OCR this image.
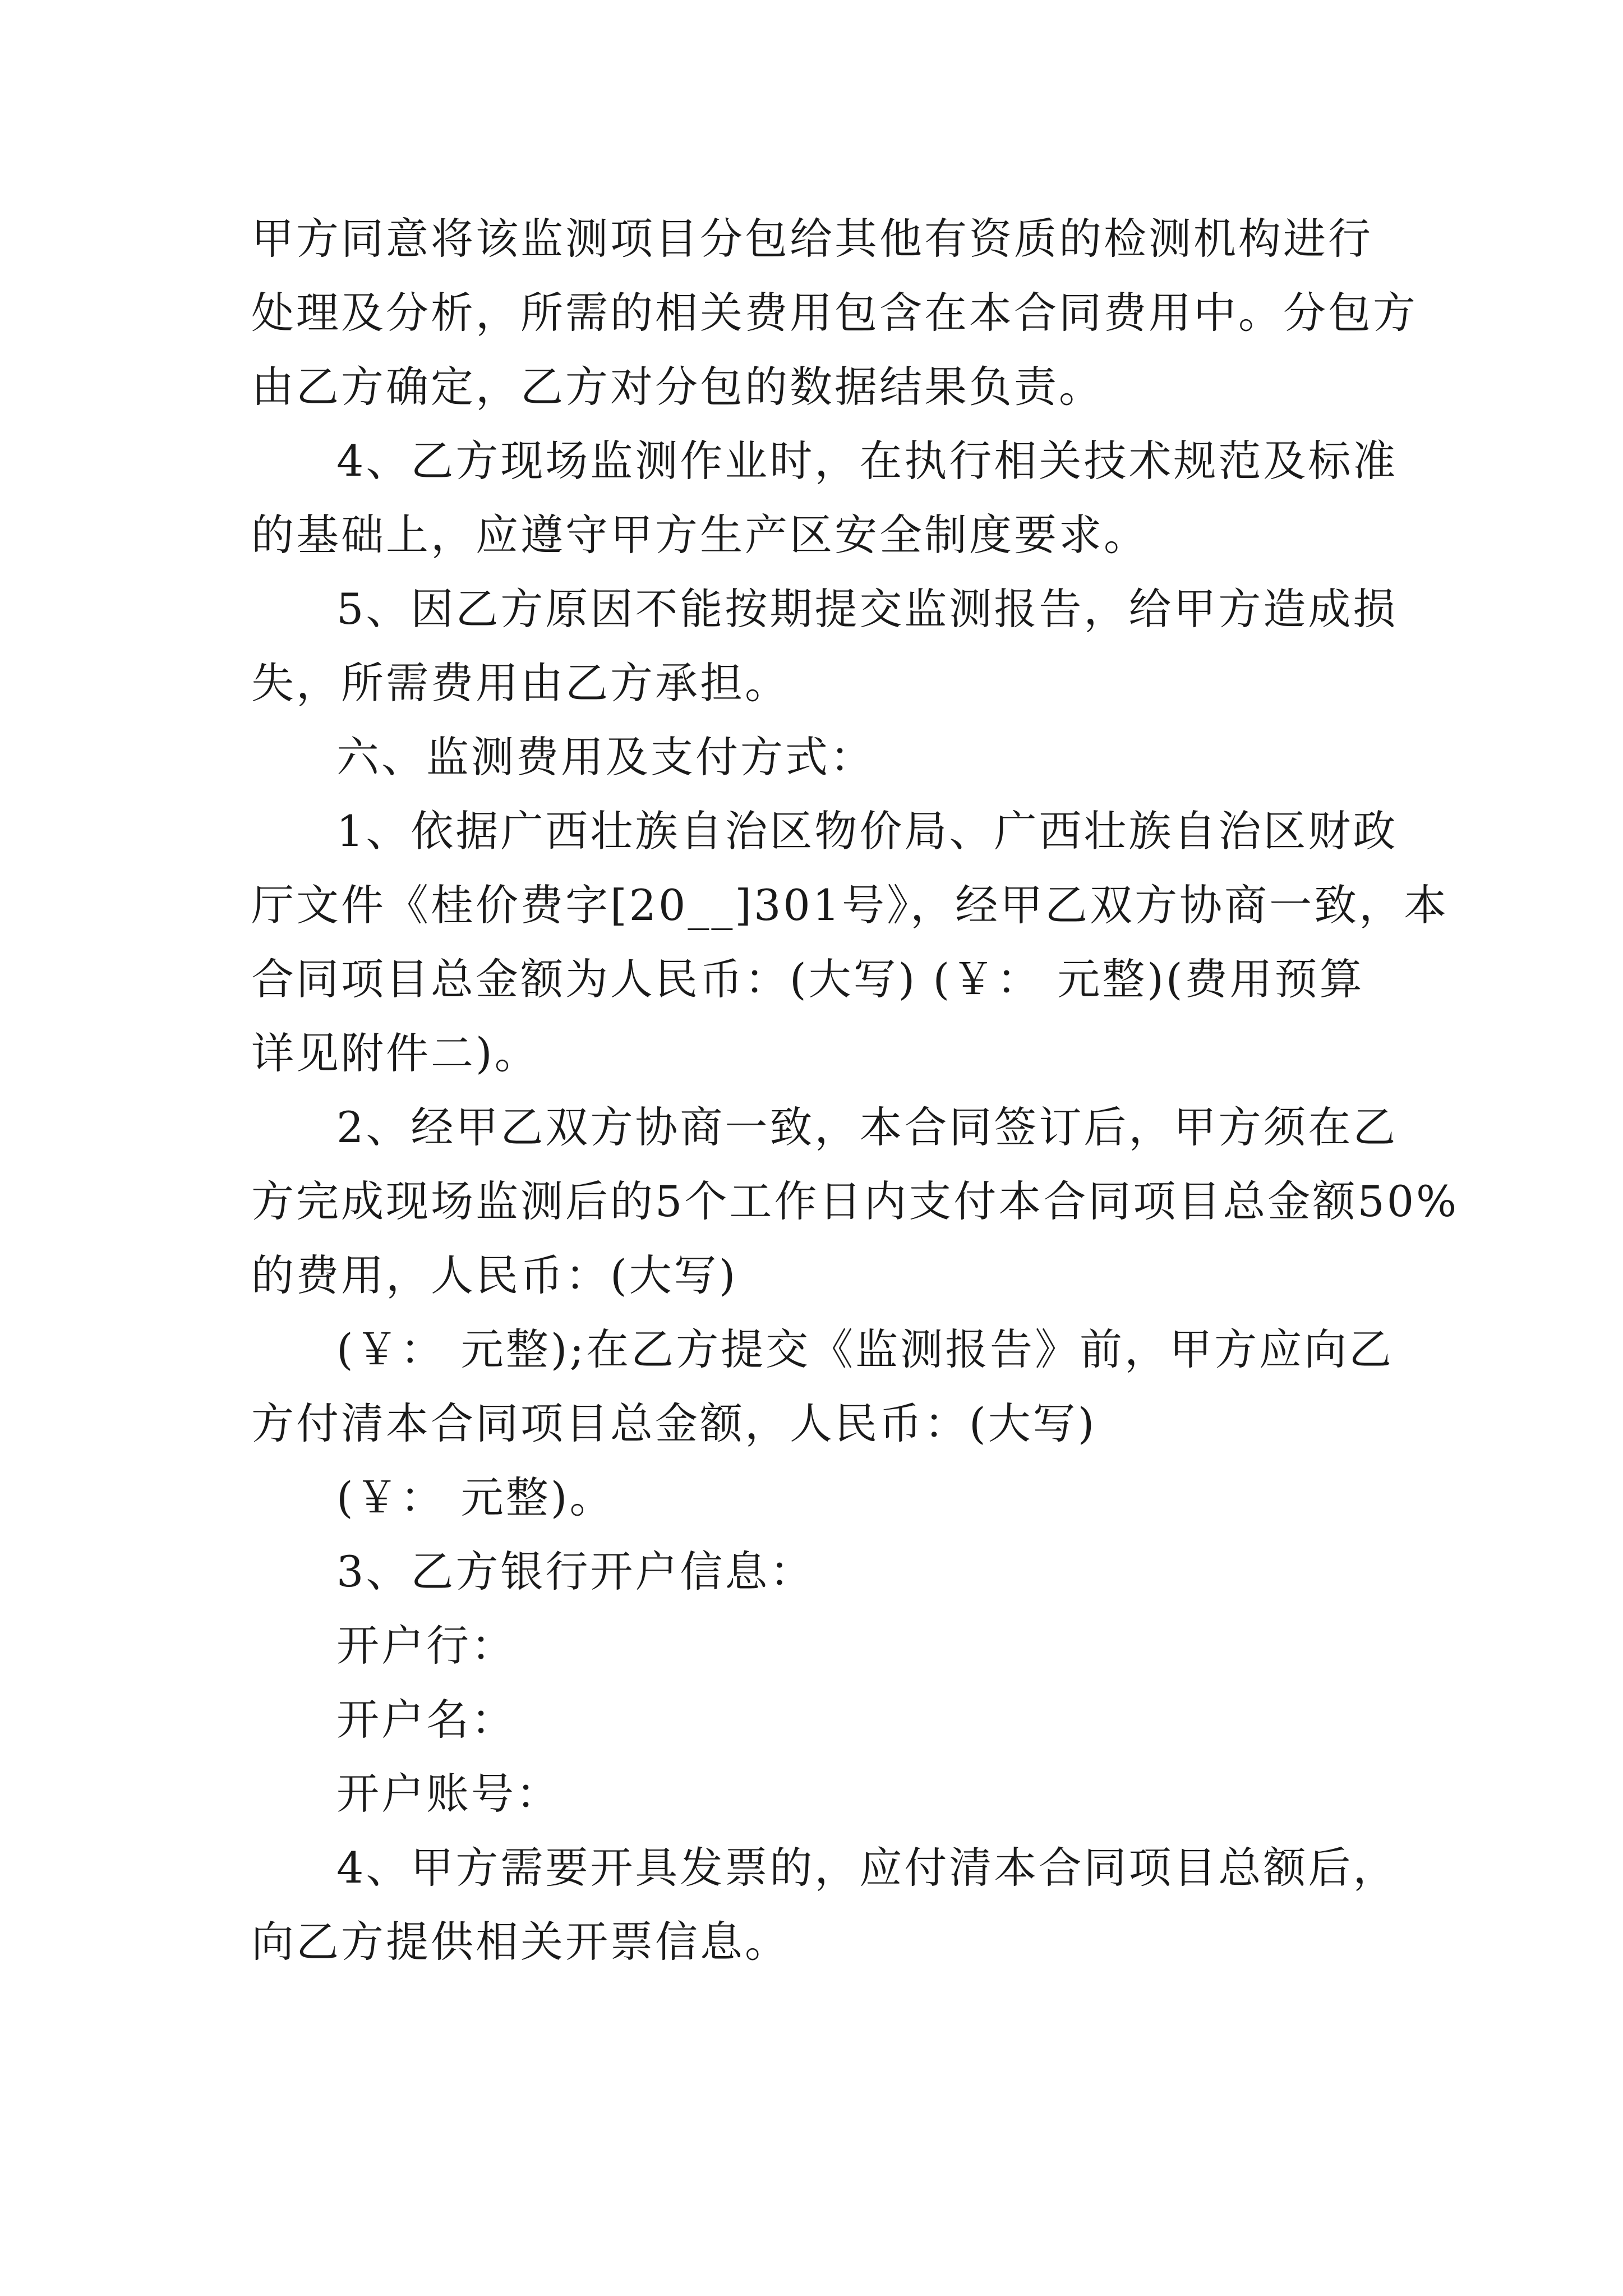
甲方同意将该监测项目分包给其他有资质的检测机构进行
处理及分析，所需的相关费用包含在本合同费用中。分包方
由乙方确定，乙方对分包的数据结果负责。
4、乙方现场监测作业时，在执行相关技术规范及标准
的基础上，应遵守甲方生产区安全制度要求。
5、因乙方原因不能按期提交监测报告，给甲方造成损
失，所需费用由乙方承担。
六、监测费用及支付方式：
1、依据广西壮族自治区物价局、广西壮族自治区财政
厅文件《桂价费字[20__]301号》，经甲乙双方协商一致，本
合同项目总金额为人民币：(大写) (￥： 元整)(费用预算
详见附件二)。
2、经甲乙双方协商一致，本合同签订后，甲方须在乙
方完成现场监测后的5个工作日内支付本合同项目总金额50%
的费用，人民币：(大写)
(￥： 元整);在乙方提交《监测报告》前，甲方应向乙
方付清本合同项目总金额，人民币：(大写)
(￥： 元整)。
3、乙方银行开户信息：
开户行：
开户名：
开户账号：
4、甲方需要开具发票的，应付清本合同项目总额后，
向乙方提供相关开票信息。
